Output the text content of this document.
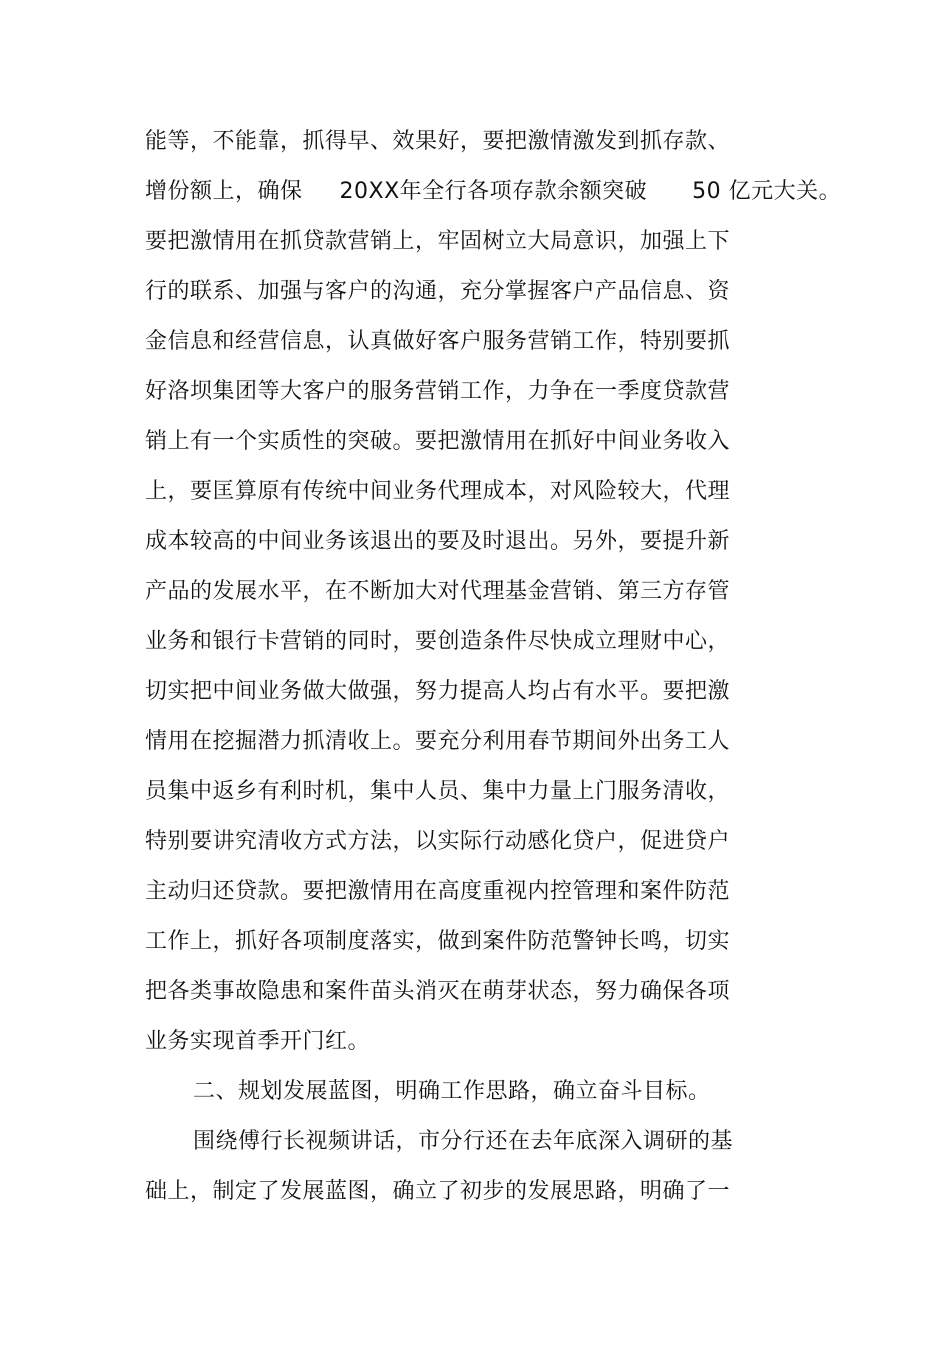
能等，不能靠，抓得早、效果好，要把激情激发到抓存款、
增份额上，确保 20XX年全行各项存款余额突破 50 亿元大关。
要把激情用在抓贷款营销上，牢固树立大局意识，加强上下
行的联系、加强与客户的沟通，充分掌握客户产品信息、资
金信息和经营信息，认真做好客户服务营销工作，特别要抓
好洛坝集团等大客户的服务营销工作，力争在一季度贷款营
销上有一个实质性的突破。要把激情用在抓好中间业务收入
上，要匡算原有传统中间业务代理成本，对风险较大，代理
成本较高的中间业务该退出的要及时退出。另外，要提升新
产品的发展水平，在不断加大对代理基金营销、第三方存管
业务和银行卡营销的同时，要创造条件尽快成立理财中心，
切实把中间业务做大做强，努力提高人均占有水平。要把激
情用在挖掘潜力抓清收上。要充分利用春节期间外出务工人
员集中返乡有利时机，集中人员、集中力量上门服务清收，
特别要讲究清收方式方法，以实际行动感化贷户，促进贷户
主动归还贷款。要把激情用在高度重视内控管理和案件防范
工作上，抓好各项制度落实，做到案件防范警钟长鸣，切实
把各类事故隐患和案件苗头消灭在萌芽状态，努力确保各项
业务实现首季开门红。
二、规划发展蓝图，明确工作思路，确立奋斗目标。
围绕傅行长视频讲话，市分行还在去年底深入调研的基
础上，制定了发展蓝图，确立了初步的发展思路，明确了一
